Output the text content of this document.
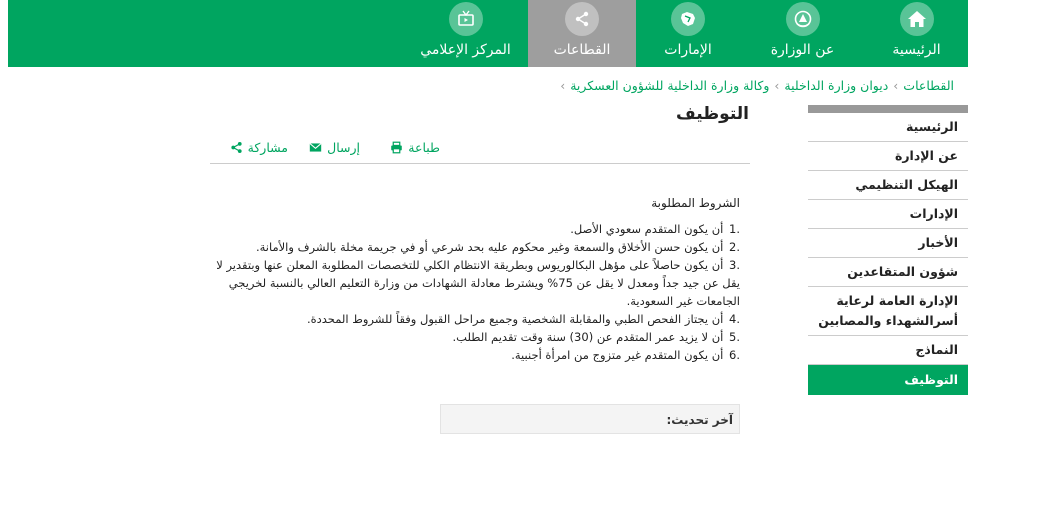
الرئيسية
عن الوزارة
الإمارات
القطاعات
المركز الإعلامي
القطاعات›ديوان وزارة الداخلية›وكالة وزارة الداخلية للشؤون العسكرية›
التوظيف
طباعة
إرسال
مشاركة

الشروط المطلوبة

.1 أن يكون المتقدم سعودي الأصل.
.2 أن يكون حسن الأخلاق والسمعة وغير محكوم عليه بحد شرعي أو في جريمة مخلة بالشرف والأمانة.
.3 أن يكون حاصلاً على مؤهل البكالوريوس وبطريقة الانتظام الكلي للتخصصات المطلوبة المعلن عنها وبتقدير لا يقل عن جيد جداً ومعدل لا يقل عن 75% ويشترط معادلة الشهادات من وزارة التعليم العالي بالنسبة لخريجي الجامعات غير السعودية.
.4 أن يجتاز الفحص الطبي والمقابلة الشخصية وجميع مراحل القبول وفقاً للشروط المحددة.
.5 أن لا يزيد عمر المتقدم عن (30) سنة وقت تقديم الطلب.
.6 أن يكون المتقدم غير متزوج من امرأة أجنبية.
آخر تحديث:
الرئيسية
عن الإدارة
الهيكل التنظيمي
الإدارات
الأخبار
شؤون المتقاعدين
الإدارة العامة لرعاية أسرالشهداء والمصابين
النماذج
التوظيف
